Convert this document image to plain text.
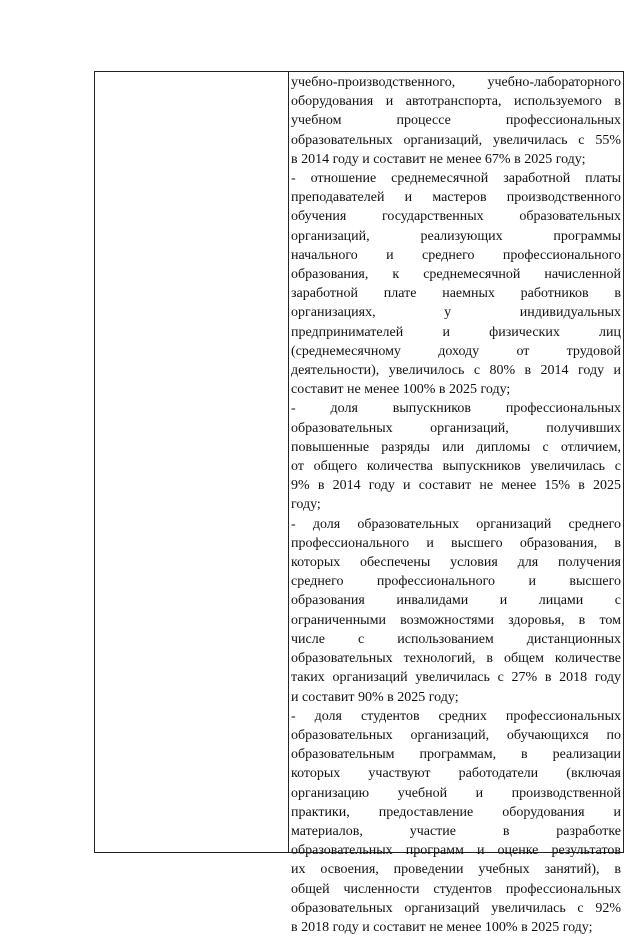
учебно-производственного, учебно-лабораторного
оборудования и автотранспорта, используемого в
учебном процессе профессиональных
образовательных организаций, увеличилась с 55%
в 2014 году и составит не менее 67% в 2025 году;
- отношение среднемесячной заработной платы
преподавателей и мастеров производственного
обучения государственных образовательных
организаций, реализующих программы
начального и среднего профессионального
образования, к среднемесячной начисленной
заработной плате наемных работников в
организациях, у индивидуальных
предпринимателей и физических лиц
(среднемесячному доходу от трудовой
деятельности), увеличилось с 80% в 2014 году и
составит не менее 100% в 2025 году;
- доля выпускников профессиональных
образовательных организаций, получивших
повышенные разряды или дипломы с отличием,
от общего количества выпускников увеличилась с
9% в 2014 году и составит не менее 15% в 2025
году;
- доля образовательных организаций среднего
профессионального и высшего образования, в
которых обеспечены условия для получения
среднего профессионального и высшего
образования инвалидами и лицами с
ограниченными возможностями здоровья, в том
числе с использованием дистанционных
образовательных технологий, в общем количестве
таких организаций увеличилась с 27% в 2018 году
и составит 90% в 2025 году;
- доля студентов средних профессиональных
образовательных организаций, обучающихся по
образовательным программам, в реализации
которых участвуют работодатели (включая
организацию учебной и производственной
практики, предоставление оборудования и
материалов, участие в разработке
образовательных программ и оценке результатов
их освоения, проведении учебных занятий), в
общей численности студентов профессиональных
образовательных организаций увеличилась с 92%
в 2018 году и составит не менее 100% в 2025 году;
